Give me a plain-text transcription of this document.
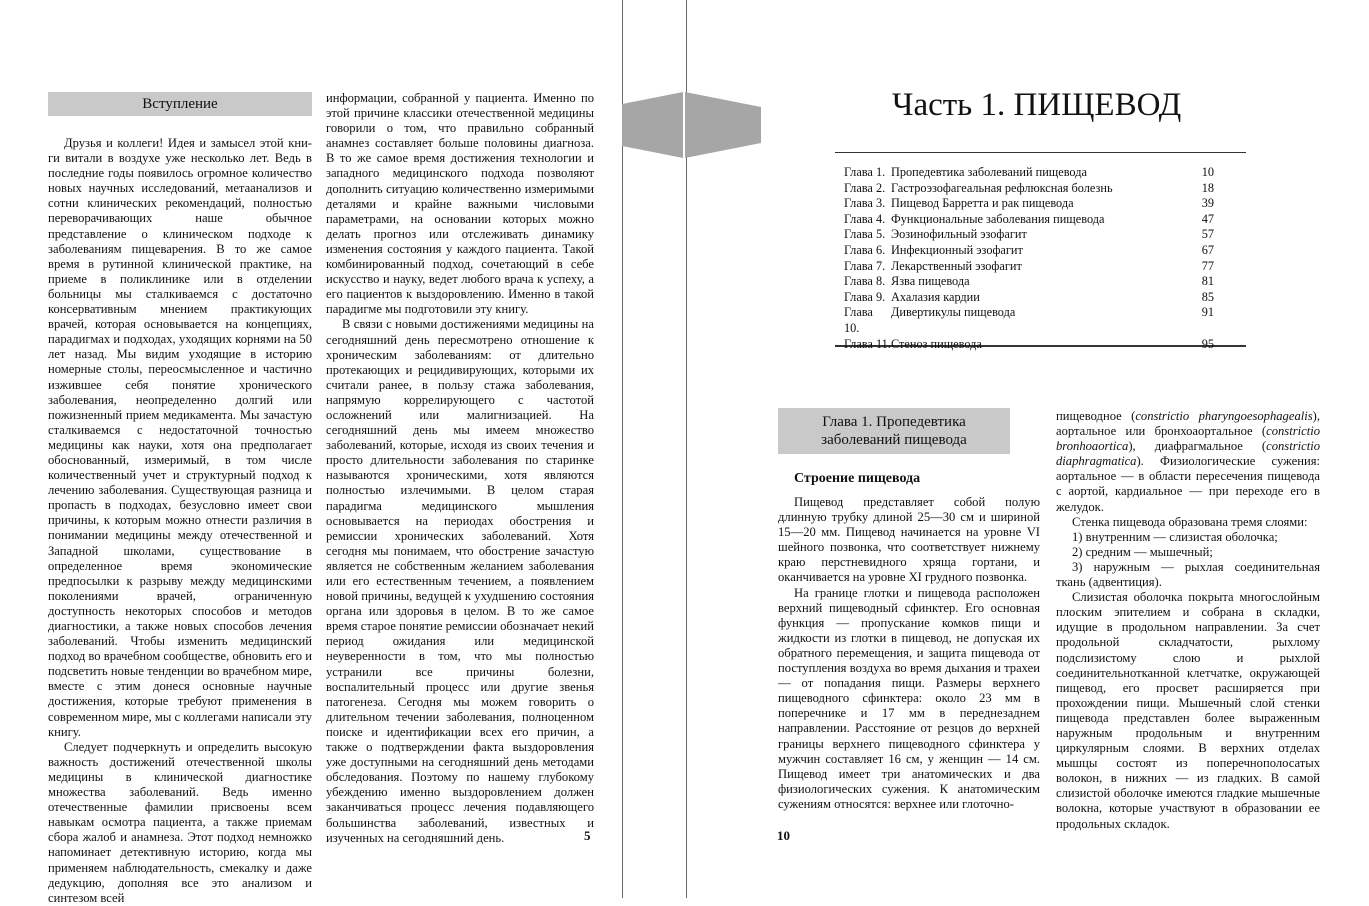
Вступление

Друзья и коллеги! Идея и замысел этой кни-ги витали в воздухе уже несколько лет. Ведь в последние годы появилось огромное количество новых научных исследований, метаанализов и сотни клинических рекомендаций, полностью переворачивающих наше обычное представление о клиническом подходе к заболеваниям пищеварения. В то же самое время в рутинной клинической практике, на приеме в поликлинике или в отделении больницы мы сталкиваемся с достаточно консервативным мнением практикующих врачей, которая основывается на концепциях, парадигмах и подходах, уходящих корнями на 50 лет назад. Мы видим уходящие в историю номерные столы, переосмысленное и частично изжившее себя понятие хронического заболевания, неопределенно долгий или пожизненный прием медикамента. Мы зачастую сталкиваемся с недостаточной точностью медицины как науки, хотя она предполагает обоснованный, измеримый, в том числе количественный учет и структурный подход к лечению заболевания. Существующая разница и пропасть в подходах, безусловно имеет свои причины, к которым можно отнести различия в понимании медицины между отечественной и Западной школами, существование в определенное время экономические предпосылки к разрыву между медицинскими поколениями врачей, ограниченную доступность некоторых способов и методов диагностики, а также новых способов лечения заболеваний. Чтобы изменить медицинский подход во врачебном сообществе, обновить его и подсветить новые тенденции во врачебном мире, вместе с этим донеся основные научные достижения, которые требуют применения в современном мире, мы с коллегами написали эту книгу.

Следует подчеркнуть и определить высокую важность достижений отечественной школы медицины в клинической диагностике множества заболеваний. Ведь именно отечественные фамилии присвоены всем навыкам осмотра пациента, а также приемам сбора жалоб и анамнеза. Этот подход немножко напоминает детективную историю, когда мы применяем наблюдательность, смекалку и даже дедукцию, дополняя все это анализом и синтезом всей

информации, собранной у пациента. Именно по этой причине классики отечественной медицины говорили о том, что правильно собранный анамнез составляет больше половины диагноза. В то же самое время достижения технологии и западного медицинского подхода позволяют дополнить ситуацию количественно измеримыми деталями и крайне важными числовыми параметрами, на основании которых можно делать прогноз или отслеживать динамику изменения состояния у каждого пациента. Такой комбинированный подход, сочетающий в себе искусство и науку, ведет любого врача к успеху, а его пациентов к выздоровлению. Именно в такой парадигме мы подготовили эту книгу.

В связи с новыми достижениями медицины на сегодняшний день пересмотрено отношение к хроническим заболеваниям: от длительно протекающих и рецидивирующих, которыми их считали ранее, в пользу стажа заболевания, напрямую коррелирующего с частотой осложнений или малигнизацией. На сегодняшний день мы имеем множество заболеваний, которые, исходя из своих течения и просто длительности заболевания по старинке называются хроническими, хотя являются полностью излечимыми. В целом старая парадигма медицинского мышления основывается на периодах обострения и ремиссии хронических заболеваний. Хотя сегодня мы понимаем, что обострение зачастую является не собственным желанием заболевания или его естественным течением, а появлением новой причины, ведущей к ухудшению состояния органа или здоровья в целом. В то же самое время старое понятие ремиссии обозначает некий период ожидания или медицинской неуверенности в том, что мы полностью устранили все причины болезни, воспалительный процесс или другие звенья патогенеза. Сегодня мы можем говорить о длительном течении заболевания, полноценном поиске и идентификации всех его причин, а также о подтверждении факта выздоровления уже доступными на сегодняшний день методами обследования. Поэтому по нашему глубокому убеждению именно выздоровлением должен заканчиваться процесс лечения подавляющего большинства заболеваний, известных и изученных на сегодняшний день.	5
Часть 1. ПИЩЕВОД
Глава 1. Пропедевтика заболеваний пищевода	10
Глава 2. Гастроэзофагеальная рефлюксная болезнь	18
Глава 3. Пищевод Барретта и рак пищевода	39
Глава 4. Функциональные заболевания пищевода	47
Глава 5. Эозинофильный эзофагит	57
Глава 6. Инфекционный эзофагит	67
Глава 7. Лекарственный эзофагит	77
Глава 8. Язва пищевода	81
Глава 9. Ахалазия кардии	85
Глава 10.
Дивертикулы пищевода	91
Глава 11. Стеноз пищевода	95
Глава 1. Пропедевтика
заболеваний пищевода
Строение пищевода

Пищевод представляет собой полую длинную трубку длиной 25—30 см и шириной 15—20 мм. Пищевод начинается на уровне VI шейного позвонка, что соответствует нижнему краю перстневидного хряща гортани, и оканчивается на уровне XI грудного позвонка.

На границе глотки и пищевода расположен верхний пищеводный сфинктер. Его основная функция — пропускание комков пищи и жидкости из глотки в пищевод, не допуская их обратного перемещения, и защита пищевода от поступления воздуха во время дыхания и трахеи — от попадания пищи. Размеры верхнего пищеводного сфинктера: около 23 мм в поперечнике и 17 мм в переднезаднем направлении. Расстояние от резцов до верхней границы верхнего пищеводного сфинктера у мужчин составляет 16 см, у женщин — 14 см. Пищевод имеет три анатомических и два физиологических сужения. К анатомическим сужениям относятся: верхнее или глоточно-

пищеводное (constrictio pharyngoesophagealis), аортальное или бронхоаортальное (constrictio bronhoaortica), диафрагмальное (constrictio diaphragmatica). Физиологические сужения: аортальное — в области пересечения пищевода с аортой, кардиальное — при переходе его в желудок.

Стенка пищевода образована тремя слоями:

1) внутренним — слизистая оболочка;
2) средним — мышечный;
3) наружным — рыхлая соединительная ткань (адвентиция).

Слизистая оболочка покрыта многослойным плоским эпителием и собрана в складки, идущие в продольном направлении. За счет продольной складчатости, рыхлому подслизистому слою и рыхлой соединительнотканной клетчатке, окружающей пищевод, его просвет расширяется при прохождении пищи. Мышечный слой стенки пищевода представлен более выраженным наружным продольным и внутренним циркулярным слоями. В верхних отделах мышцы состоят из поперечнополосатых волокон, в нижних — из гладких. В самой слизистой оболочке имеются гладкие мышечные волокна, которые участвуют в образовании ее продольных складок.

10
